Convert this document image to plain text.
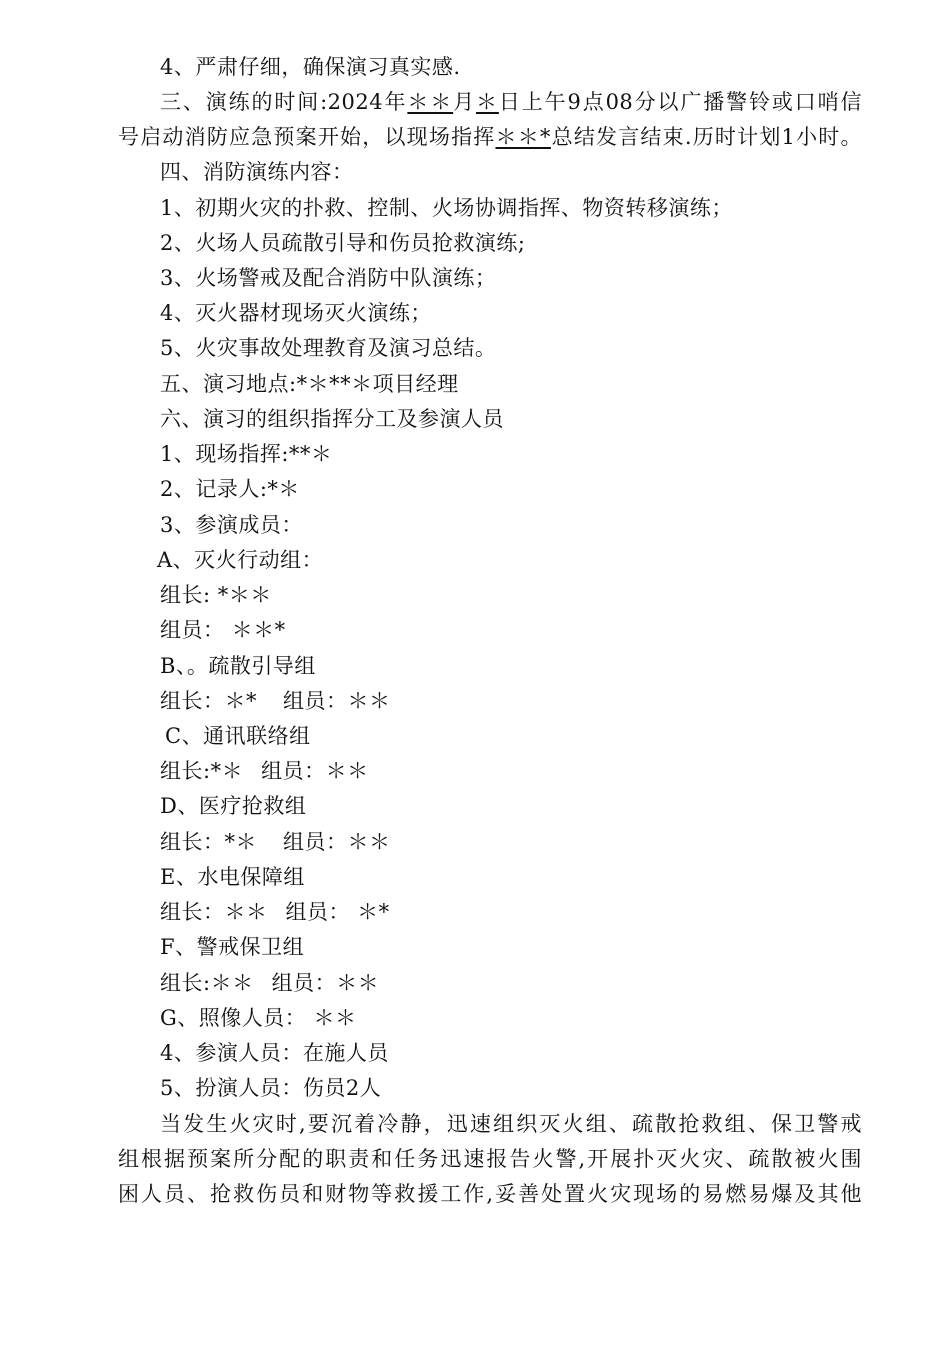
4、严肃仔细，确保演习真实感.
三、演练的时间:2024年＊＊月＊日上午9点08分以广播警铃或口哨信
号启动消防应急预案开始，以现场指挥＊＊*总结发言结束.历时计划1小时。
四、消防演练内容：
1、初期火灾的扑救、控制、火场协调指挥、物资转移演练；
2、火场人员疏散引导和伤员抢救演练;
3、火场警戒及配合消防中队演练；
4、灭火器材现场灭火演练；
5、火灾事故处理教育及演习总结。
五、演习地点:*＊**＊项目经理
六、演习的组织指挥分工及参演人员
1、现场指挥:**＊
2、记录人:*＊
3、参演成员：
A、灭火行动组：
组长: *＊＊
组员： ＊＊*
B、。疏散引导组
组长：＊* 组员：＊＊
C、通讯联络组
组长:*＊ 组员：＊＊
D、医疗抢救组
组长：*＊ 组员：＊＊
E、水电保障组
组长：＊＊ 组员： ＊*
F、警戒保卫组
组长:＊＊ 组员：＊＊
G、照像人员： ＊＊
4、参演人员：在施人员
5、扮演人员：伤员2人
当发生火灾时,要沉着冷静，迅速组织灭火组、疏散抢救组、保卫警戒
组根据预案所分配的职责和任务迅速报告火警,开展扑灭火灾、疏散被火围
困人员、抢救伤员和财物等救援工作,妥善处置火灾现场的易燃易爆及其他
